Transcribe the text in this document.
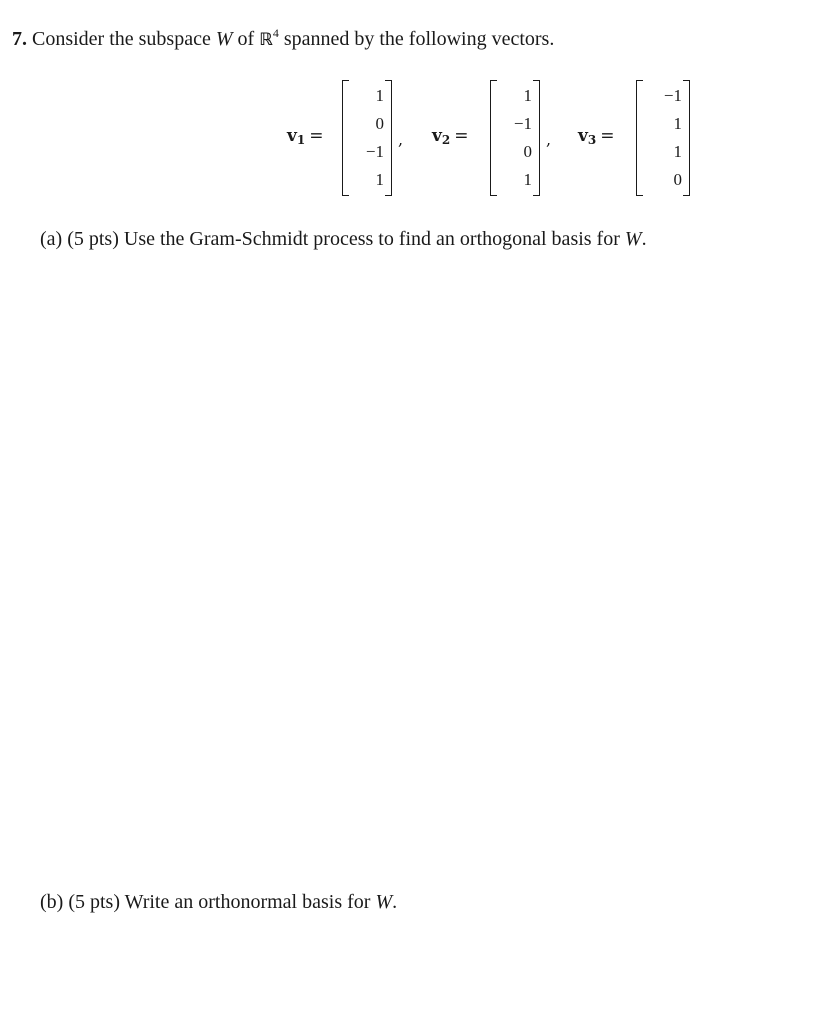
7. Consider the subspace W of ℝ$^4$ spanned by the following vectors.
$v_1$ =
1
0
−1
1
, $v_2$ =
1
−1
0
1
, $v_3$ =
−1
1
1
0
(a) (5 pts) Use the Gram-Schmidt process to find an orthogonal basis for W.
(b) (5 pts) Write an orthonormal basis for W.
